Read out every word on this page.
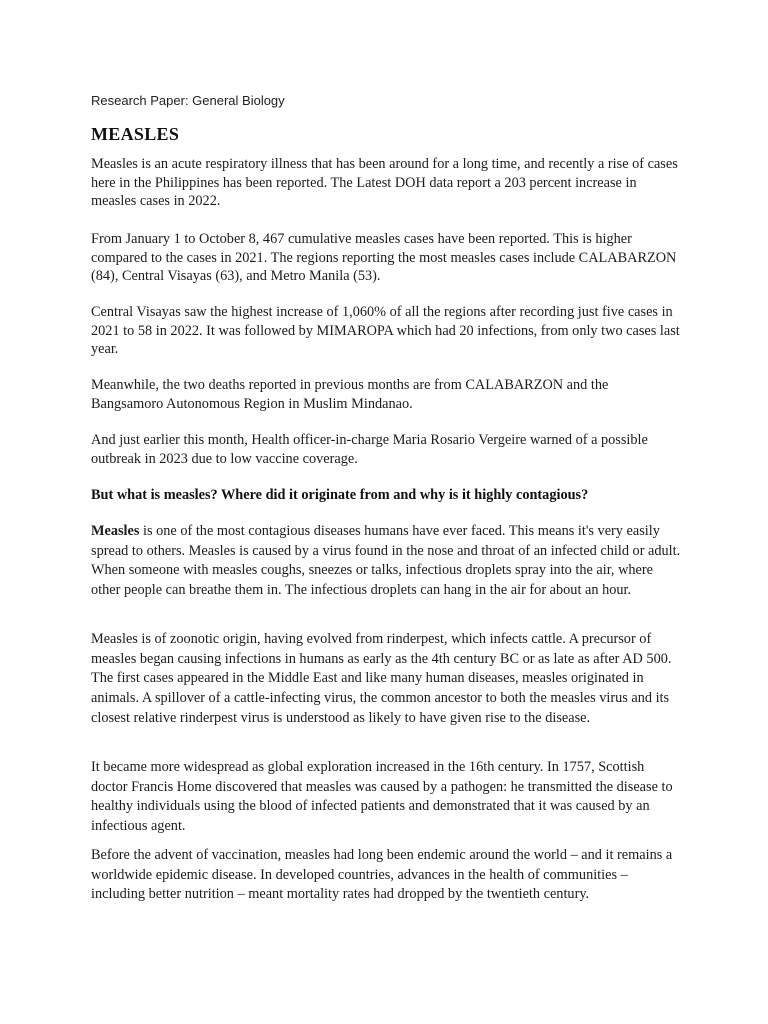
Research Paper: General Biology
MEASLES

Measles is an acute respiratory illness that has been around for a long time, and recently a rise of cases here in the Philippines has been reported. The Latest DOH data report a 203 percent increase in measles cases in 2022.

From January 1 to October 8, 467 cumulative measles cases have been reported. This is higher compared to the cases in 2021. The regions reporting the most measles cases include CALABARZON (84), Central Visayas (63), and Metro Manila (53).

Central Visayas saw the highest increase of 1,060% of all the regions after recording just five cases in 2021 to 58 in 2022. It was followed by MIMAROPA which had 20 infections, from only two cases last year.

Meanwhile, the two deaths reported in previous months are from CALABARZON and the Bangsamoro Autonomous Region in Muslim Mindanao.

And just earlier this month, Health officer-in-charge Maria Rosario Vergeire warned of a possible outbreak in 2023 due to low vaccine coverage.

But what is measles? Where did it originate from and why is it highly contagious?

Measles is one of the most contagious diseases humans have ever faced. This means it's very easily spread to others. Measles is caused by a virus found in the nose and throat of an infected child or adult. When someone with measles coughs, sneezes or talks, infectious droplets spray into the air, where other people can breathe them in. The infectious droplets can hang in the air for about an hour.

Measles is of zoonotic origin, having evolved from rinderpest, which infects cattle. A precursor of measles began causing infections in humans as early as the 4th century BC or as late as after AD 500. The first cases appeared in the Middle East and like many human diseases, measles originated in animals. A spillover of a cattle-infecting virus, the common ancestor to both the measles virus and its closest relative rinderpest virus is understood as likely to have given rise to the disease.

It became more widespread as global exploration increased in the 16th century. In 1757, Scottish doctor Francis Home discovered that measles was caused by a pathogen: he transmitted the disease to healthy individuals using the blood of infected patients and demonstrated that it was caused by an infectious agent.

Before the advent of vaccination, measles had long been endemic around the world – and it remains a worldwide epidemic disease. In developed countries, advances in the health of communities – including better nutrition – meant mortality rates had dropped by the twentieth century.
